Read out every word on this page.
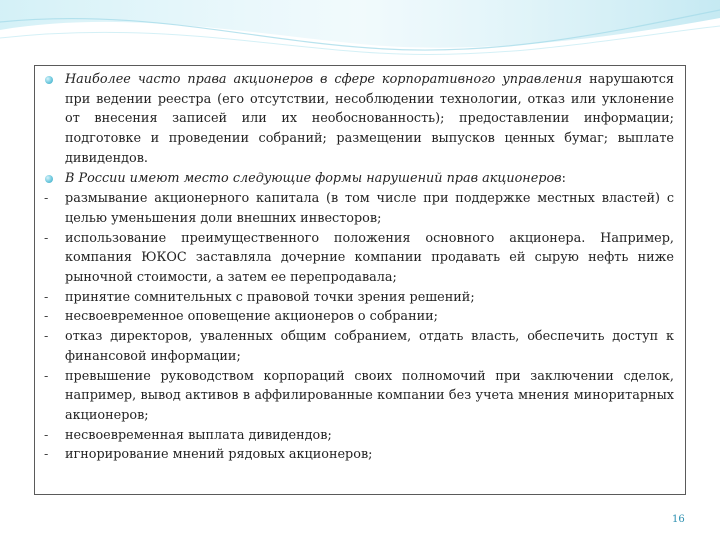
Наиболее часто права акционеров в сфере корпоративного управления нарушаются при ведении реестра (его отсутствии, несоблюдении технологии, отказ или уклонение от внесения записей или их необоснованность); предоставлении информации; подготовке и проведении собраний; размещении выпусков ценных бумаг; выплате дивидендов.
В России имеют место следующие формы нарушений прав акционеров:
-	размывание акционерного капитала (в том числе при поддержке местных властей) с целью уменьшения доли внешних инвесторов;
-	использование преимущественного положения основного акционера. Например, компания ЮКОС заставляла дочерние компании продавать ей сырую нефть ниже рыночной стоимости, а затем ее перепродавала;
-	принятие сомнительных с правовой точки зрения решений;
-	несвоевременное оповещение акционеров о собрании;
-	отказ директоров, уваленных общим собранием, отдать власть, обеспечить доступ к финансовой информации;
-	превышение руководством корпораций своих полномочий при заключении сделок, например, вывод активов в аффилированные компании без учета мнения миноритарных акционеров;
-	несвоевременная выплата дивидендов;
-	игнорирование мнений рядовых акционеров;
16
